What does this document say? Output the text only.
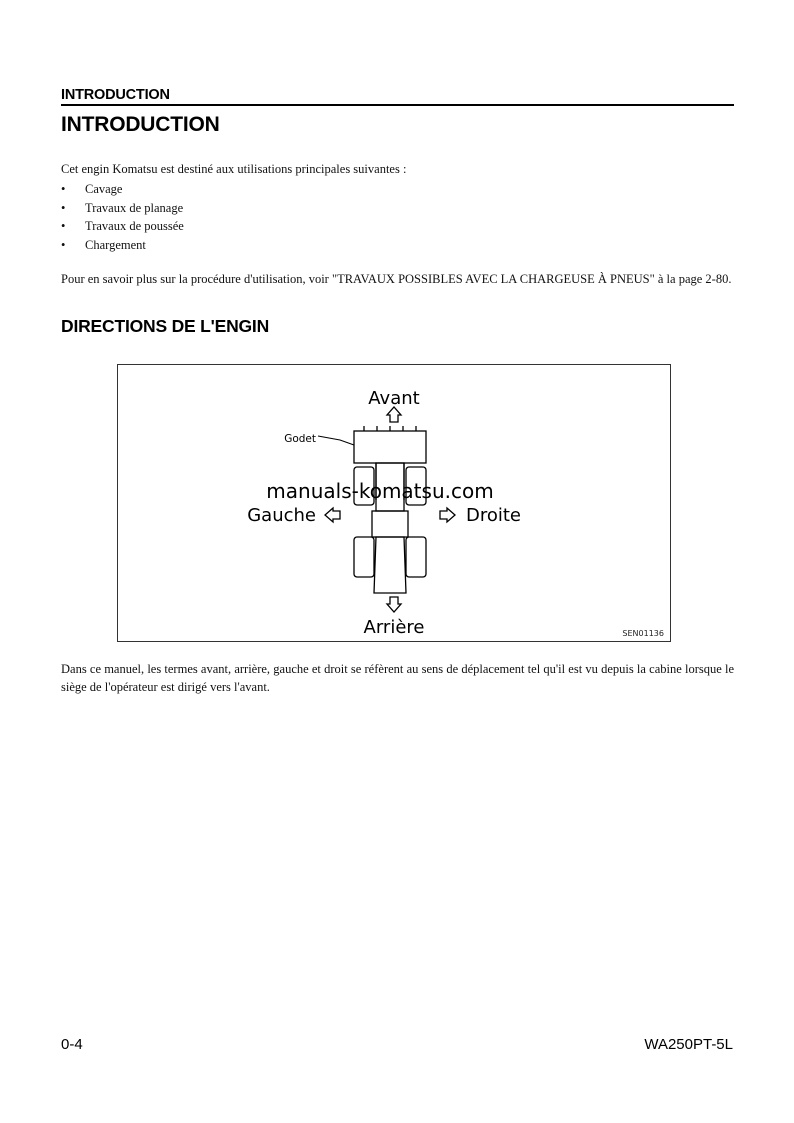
INTRODUCTION
INTRODUCTION
Cet engin Komatsu est destiné aux utilisations principales suivantes :
• Cavage
• Travaux de planage
• Travaux de poussée
• Chargement
Pour en savoir plus sur la procédure d'utilisation, voir "TRAVAUX POSSIBLES AVEC LA CHARGEUSE À PNEUS" à la page 2-80.
DIRECTIONS DE L'ENGIN
Avant
Godet
Gauche	Droite
Arrière
manuals-komatsu.com
SEN01136
Dans ce manuel, les termes avant, arrière, gauche et droit se réfèrent au sens de déplacement tel qu'il est vu depuis la cabine lorsque le siège de l'opérateur est dirigé vers l'avant.
0-4	WA250PT-5L
